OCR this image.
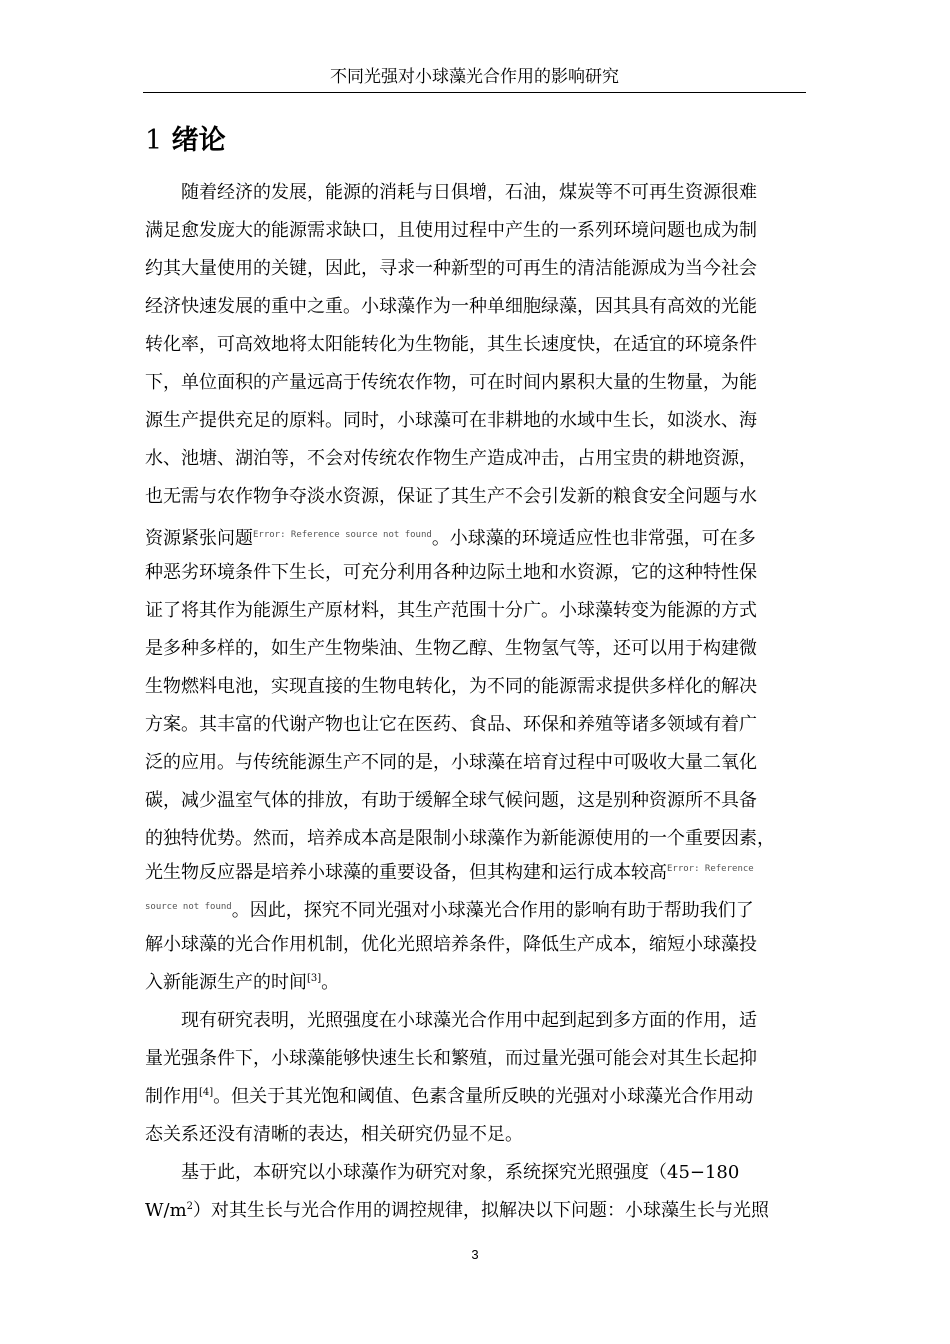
不同光强对小球藻光合作用的影响研究
1 绪论
随着经济的发展，能源的消耗与日俱增，石油，煤炭等不可再生资源很难
满足愈发庞大的能源需求缺口，且使用过程中产生的一系列环境问题也成为制
约其大量使用的关键，因此，寻求一种新型的可再生的清洁能源成为当今社会
经济快速发展的重中之重。小球藻作为一种单细胞绿藻，因其具有高效的光能
转化率，可高效地将太阳能转化为生物能，其生长速度快，在适宜的环境条件
下，单位面积的产量远高于传统农作物，可在时间内累积大量的生物量，为能
源生产提供充足的原料。同时，小球藻可在非耕地的水域中生长，如淡水、海
水、池塘、湖泊等，不会对传统农作物生产造成冲击，占用宝贵的耕地资源，
也无需与农作物争夺淡水资源，保证了其生产不会引发新的粮食安全问题与水
资源紧张问题$^{Error: Reference source not found}$。小球藻的环境适应性也非常强，可在多
种恶劣环境条件下生长，可充分利用各种边际土地和水资源，它的这种特性保
证了将其作为能源生产原材料，其生产范围十分广。小球藻转变为能源的方式
是多种多样的，如生产生物柴油、生物乙醇、生物氢气等，还可以用于构建微
生物燃料电池，实现直接的生物电转化，为不同的能源需求提供多样化的解决
方案。其丰富的代谢产物也让它在医药、食品、环保和养殖等诸多领域有着广
泛的应用。与传统能源生产不同的是，小球藻在培育过程中可吸收大量二氧化
碳，减少温室气体的排放，有助于缓解全球气候问题，这是别种资源所不具备
的独特优势。然而，培养成本高是限制小球藻作为新能源使用的一个重要因素，
光生物反应器是培养小球藻的重要设备，但其构建和运行成本较高$^{Error: Reference}$
$^{source not found}$。因此，探究不同光强对小球藻光合作用的影响有助于帮助我们了
解小球藻的光合作用机制，优化光照培养条件，降低生产成本，缩短小球藻投
入新能源生产的时间[3]。
现有研究表明，光照强度在小球藻光合作用中起到起到多方面的作用，适
量光强条件下，小球藻能够快速生长和繁殖，而过量光强可能会对其生长起抑
制作用[4]。但关于其光饱和阈值、色素含量所反映的光强对小球藻光合作用动
态关系还没有清晰的表达，相关研究仍显不足。
基于此，本研究以小球藻作为研究对象，系统探究光照强度（45−180
$W/m^2$）对其生长与光合作用的调控规律，拟解决以下问题：小球藻生长与光照
3
